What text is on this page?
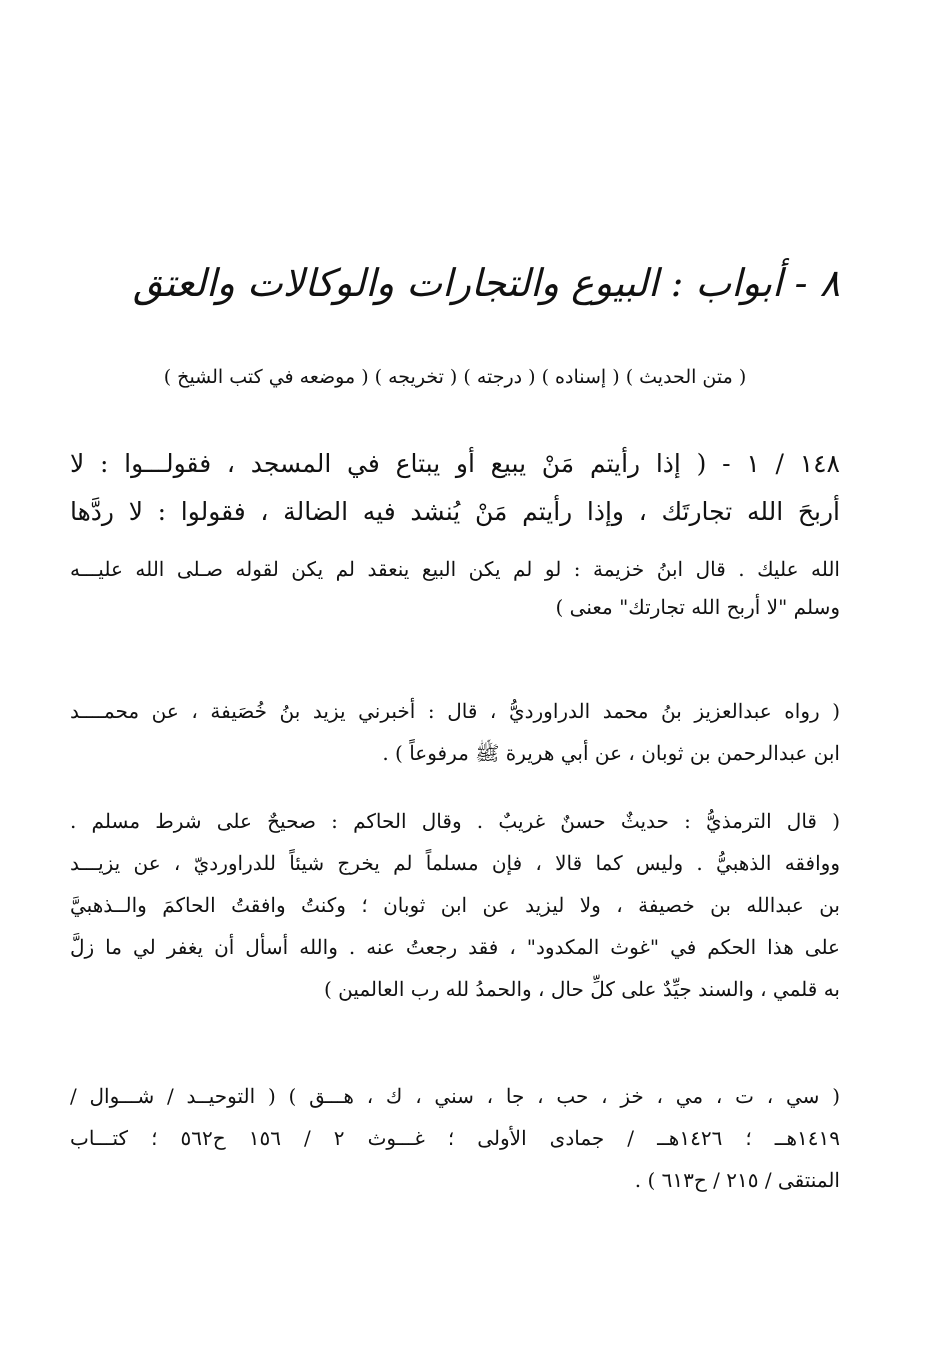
٨ - أبواب : البيوع والتجارات والوكالات والعتق
( متن الحديث ) ( إسناده ) ( درجته ) ( تخريجه ) ( موضعه في كتب الشيخ )
١٤٨ / ١ - ( إذا رأيتم مَنْ يبيع أو يبتاع في المسجد ، فقولـــوا : لا
أربحَ الله تجارتَك ، وإذا رأيتم مَنْ يُنشد فيه الضالة ، فقولوا : لا ردَّها
الله عليك . قال ابنُ خزيمة : لو لم يكن البيع ينعقد لم يكن لقوله صـلى الله عليـــه
وسلم "لا أربح الله تجارتك" معنى )
( رواه عبدالعزيز بنُ محمد الدراورديُّ ، قال : أخبرني يزيد بنُ خُصَيفة ، عن محمــــد
ابن عبدالرحمن بن ثوبان ، عن أبي هريرة ﷺ مرفوعاً ) .
( قال الترمذيُّ : حديثٌ حسنٌ غريبٌ . وقال الحاكم : صحيحٌ على شرط مسلم .
ووافقه الذهبيُّ . وليس كما قالا ، فإن مسلماً لم يخرج شيئاً للدراورديّ ، عن يزيـــد
بن عبدالله بن خصيفة ، ولا ليزيد عن ابن ثوبان ؛ وكنتُ وافقتُ الحاكمَ والــذهبيَّ
على هذا الحكم في "غوث المكدود" ، فقد رجعتُ عنه . والله أسأل أن يغفر لي ما زلَّ
به قلمي ، والسند جيِّدٌ على كلِّ حال ، والحمدُ لله رب العالمين )
( سي ، ت ، مي ، خز ، حب ، جا ، سني ، ك ، هـــق ) ( التوحيــد / شـــوال /
١٤١٩هــ ؛ ١٤٢٦هــ / جمادى الأولى ؛ غـــوث ٢ / ١٥٦ ح٥٦٢ ؛ كتـــاب
المنتقى / ٢١٥ / ح٦١٣ ) .
